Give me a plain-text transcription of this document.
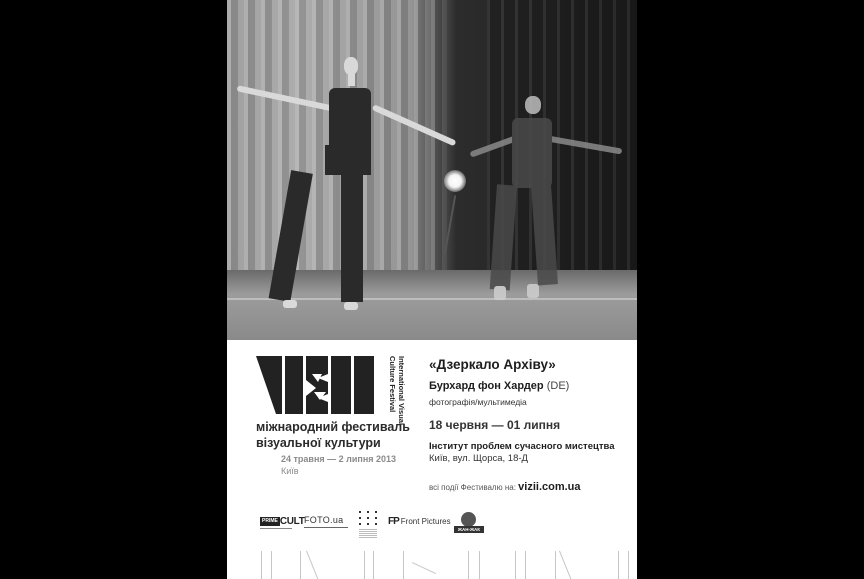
International Visual
Culture Festival
міжнародний фестиваль
візуальної культури
24 травня — 2 липня 2013
Київ
«Дзеркало Архіву»
Бурхард фон Хардер (DE)
фотографія/мультимедіа
18 червня — 01 липня
Інститут проблем сучасного мистецтва
Київ, вул. Щорса, 18-Д
всі події Фестивалю на: vizii.com.ua
PRIME CULT FOTO.ua	FP Front Pictures
ЖАН-ЖАК
